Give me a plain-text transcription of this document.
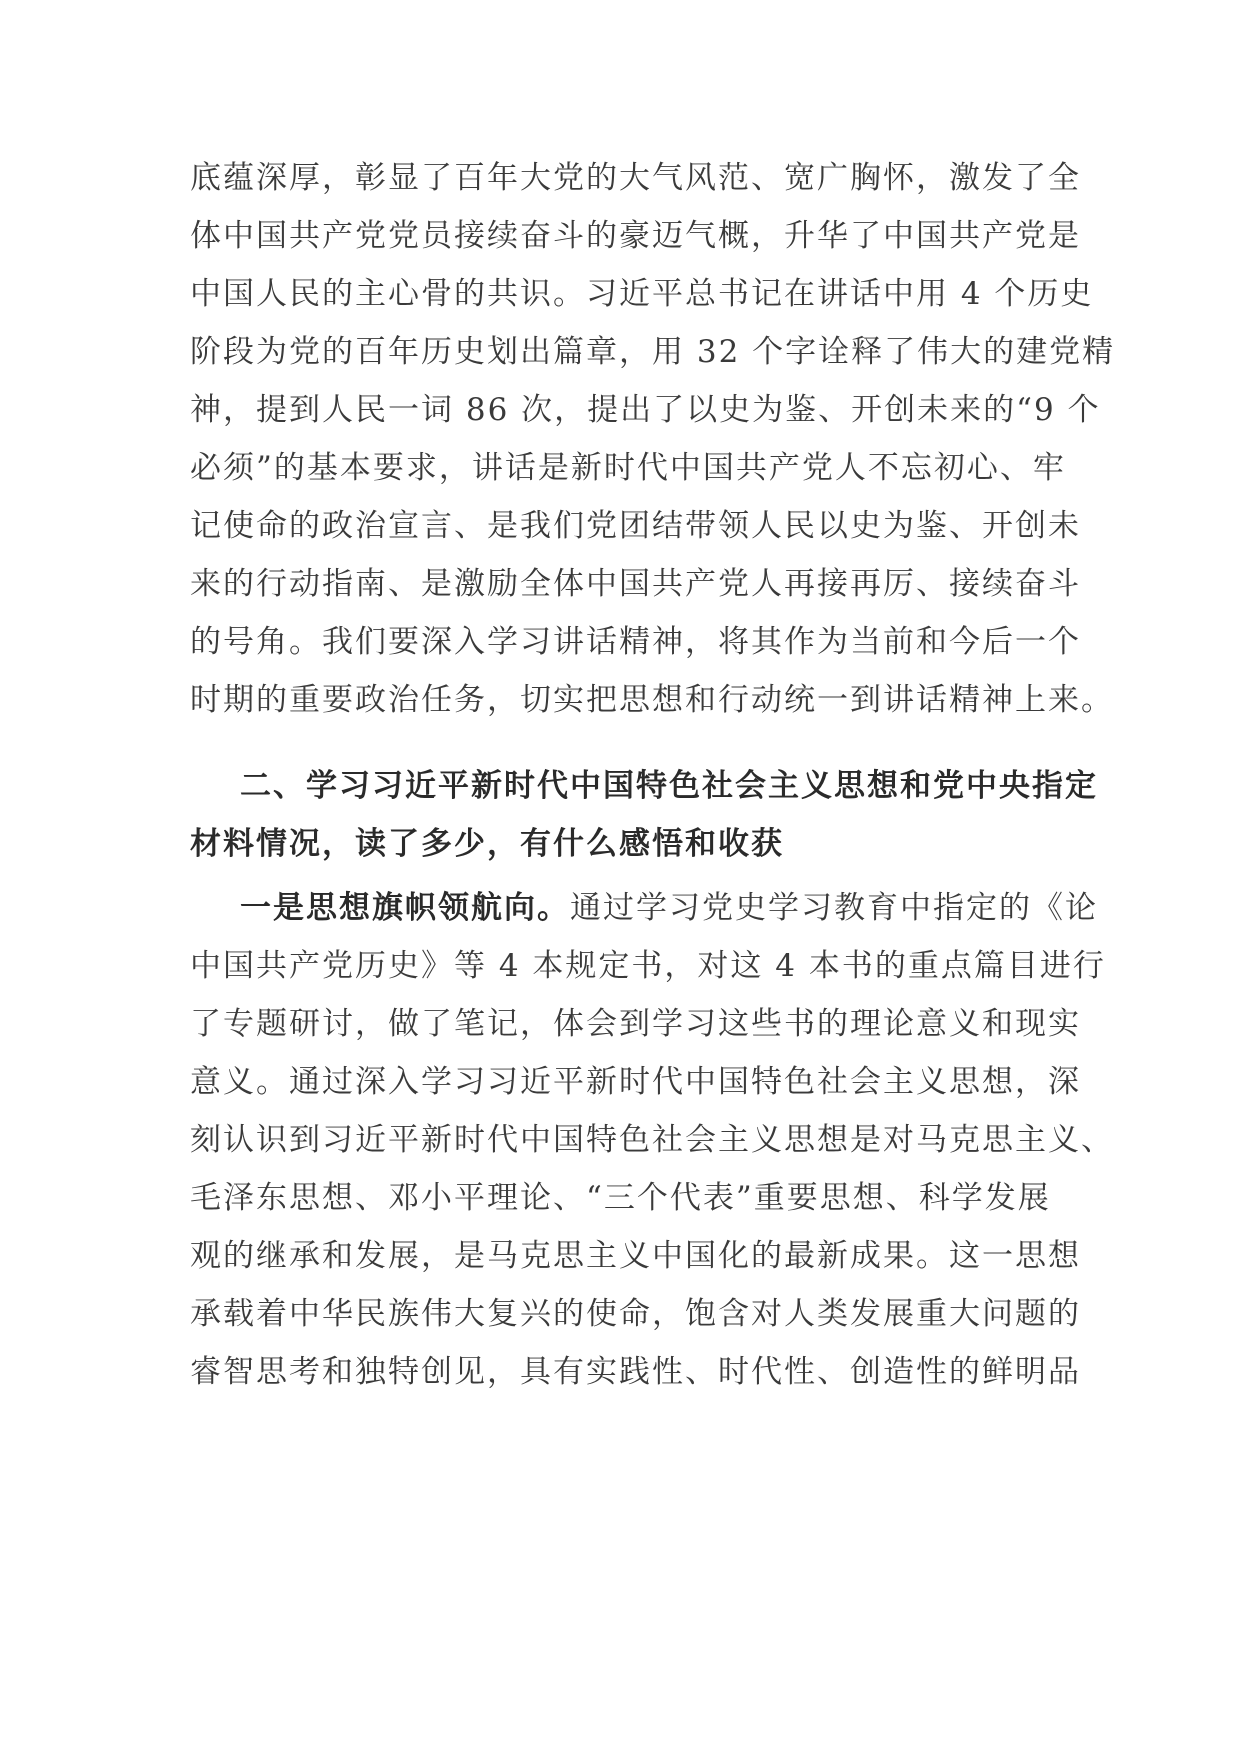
底蕴深厚，彰显了百年大党的大气风范、宽广胸怀，激发了全
体中国共产党党员接续奋斗的豪迈气概，升华了中国共产党是
中国人民的主心骨的共识。习近平总书记在讲话中用 4 个历史
阶段为党的百年历史划出篇章，用 32 个字诠释了伟大的建党精
神，提到人民一词 86 次，提出了以史为鉴、开创未来的“9 个
必须”的基本要求，讲话是新时代中国共产党人不忘初心、牢
记使命的政治宣言、是我们党团结带领人民以史为鉴、开创未
来的行动指南、是激励全体中国共产党人再接再厉、接续奋斗
的号角。我们要深入学习讲话精神，将其作为当前和今后一个
时期的重要政治任务，切实把思想和行动统一到讲话精神上来。
二、学习习近平新时代中国特色社会主义思想和党中央指定
材料情况，读了多少，有什么感悟和收获
一是思想旗帜领航向。通过学习党史学习教育中指定的《论
中国共产党历史》等 4 本规定书，对这 4 本书的重点篇目进行
了专题研讨，做了笔记，体会到学习这些书的理论意义和现实
意义。通过深入学习习近平新时代中国特色社会主义思想，深
刻认识到习近平新时代中国特色社会主义思想是对马克思主义、
毛泽东思想、邓小平理论、“三个代表”重要思想、科学发展
观的继承和发展，是马克思主义中国化的最新成果。这一思想
承载着中华民族伟大复兴的使命，饱含对人类发展重大问题的
睿智思考和独特创见，具有实践性、时代性、创造性的鲜明品
